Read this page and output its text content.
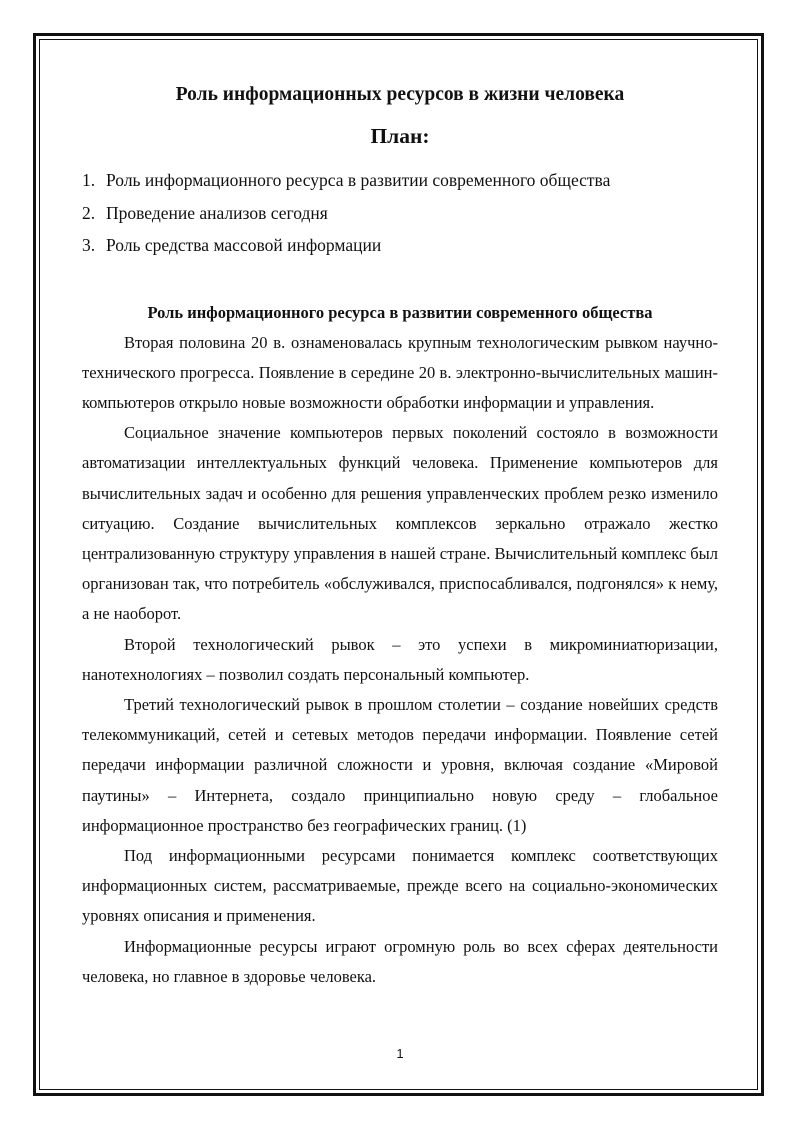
Роль информационных ресурсов в жизни человека
План:
1. Роль информационного ресурса в развитии современного общества
2. Проведение анализов сегодня
3. Роль средства массовой информации
Роль информационного ресурса в развитии современного общества

Вторая половина 20 в. ознаменовалась крупным технологическим рывком научно-технического прогресса. Появление в середине 20 в. электронно-вычислительных машин-компьютеров открыло новые возможности обработки информации и управления.

Социальное значение компьютеров первых поколений состояло в возможности автоматизации интеллектуальных функций человека. Применение компьютеров для вычислительных задач и особенно для решения управленческих проблем резко изменило ситуацию. Создание вычислительных комплексов зеркально отражало жестко централизованную структуру управления в нашей стране. Вычислительный комплекс был организован так, что потребитель «обслуживался, приспосабливался, подгонялся» к нему, а не наоборот.

Второй технологический рывок – это успехи в микроминиатюризации, нанотехнологиях – позволил создать персональный компьютер.

Третий технологический рывок в прошлом столетии – создание новейших средств телекоммуникаций, сетей и сетевых методов передачи информации. Появление сетей передачи информации различной сложности и уровня, включая создание «Мировой паутины» – Интернета, создало принципиально новую среду – глобальное информационное пространство без географических границ. (1)

Под информационными ресурсами понимается комплекс соответствующих информационных систем, рассматриваемые, прежде всего на социально-экономических уровнях описания и применения.

Информационные ресурсы играют огромную роль во всех сферах деятельности человека, но главное в здоровье человека.

1
